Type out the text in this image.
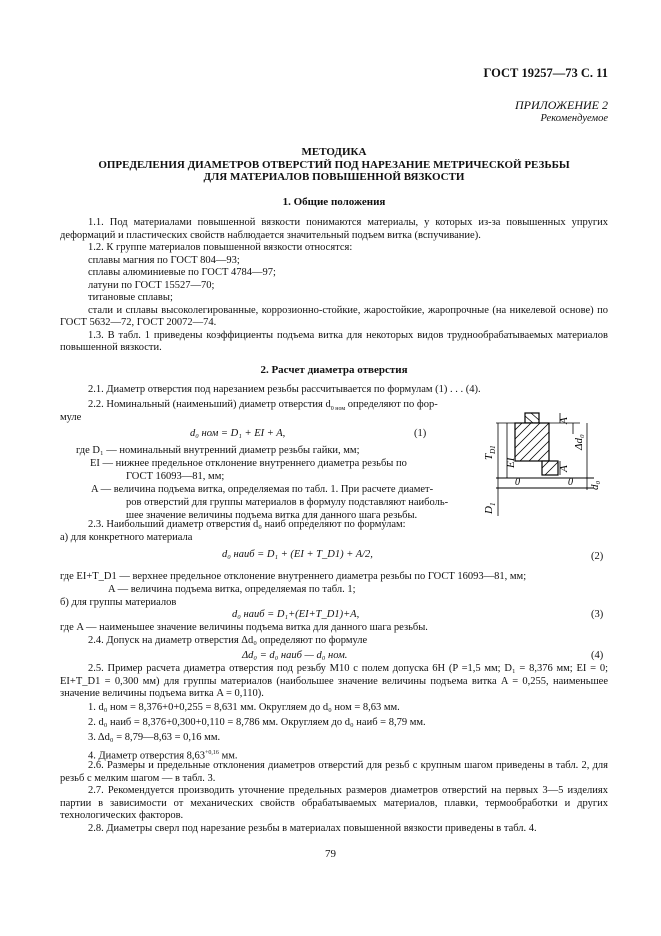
ГОСТ 19257—73 С. 11
ПРИЛОЖЕНИЕ 2
Рекомендуемое
МЕТОДИКА
ОПРЕДЕЛЕНИЯ ДИАМЕТРОВ ОТВЕРСТИЙ ПОД НАРЕЗАНИЕ МЕТРИЧЕСКОЙ РЕЗЬБЫ
ДЛЯ МАТЕРИАЛОВ ПОВЫШЕННОЙ ВЯЗКОСТИ
1. Общие положения

1.1. Под материалами повышенной вязкости понимаются материалы, у которых из-за повышенных упругих деформаций и пластических свойств наблюдается значительный подъем витка (вспучивание).

1.2. К группе материалов повышенной вязкости относятся:

сплавы магния по ГОСТ 804—93;

сплавы алюминиевые по ГОСТ 4784—97;

латуни по ГОСТ 15527—70;

титановые сплавы;

стали и сплавы высоколегированные, коррозионно-стойкие, жаростойкие, жаропрочные (на никелевой основе) по ГОСТ 5632—72, ГОСТ 20072—74.

1.3. В табл. 1 приведены коэффициенты подъема витка для некоторых видов труднообрабатываемых материалов повышенной вязкости.

2. Расчет диаметра отверстия
2.1. Диаметр отверстия под нарезанием резьбы рассчитывается по формулам (1) . . . (4).
2.2. Номинальный (наименьший) диаметр отверстия $d_{0 ном}$ определяют по фор-
муле
d₀ ном = D₁ + EI + A,	(1)
где D₁ — номинальный внутренний диаметр резьбы гайки, мм;
EI — нижнее предельное отклонение внутреннего диаметра резьбы по
ГОСТ 16093—81, мм;
A — величина подъема витка, определяемая по табл. 1. При расчете диамет-
ров отверстий для группы материалов в формулу подставляют наиболь-
шее значение величины подъема витка для данного шага резьбы.
A
A
Δd₀
d₀
$T_{D1}$
EI
$D_1$
0	0
2.3. Наибольший диаметр отверстия d₀ наиб определяют по формулам:
а) для конкретного материала
d₀ наиб = D₁ + (EI + T_D1) + A/2,	(2)
где EI+T_D1 — верхнее предельное отклонение внутреннего диаметра резьбы по ГОСТ 16093—81, мм;
A — величина подъема витка, определяемая по табл. 1;
б) для группы материалов
d₀ наиб = D₁+(EI+T_D1)+A,	(3)
где A — наименьшее значение величины подъема витка для данного шага резьбы.
2.4. Допуск на диаметр отверстия Δd₀ определяют по формуле
Δd₀ = d₀ наиб — d₀ ном.	(4)

2.5. Пример расчета диаметра отверстия под резьбу М10 с полем допуска 6Н (P =1,5 мм; D₁ = 8,376 мм; EI = 0; EI+T_D1 = 0,300 мм) для группы материалов (наибольшее значение величины подъема витка A = 0,255, наименьшее значение величины подъема витка A = 0,110).

1. d₀ ном = 8,376+0+0,255 = 8,631 мм. Округляем до d₀ ном = 8,63 мм.
2. d₀ наиб = 8,376+0,300+0,110 = 8,786 мм. Округляем до d₀ наиб = 8,79 мм.
3. Δd₀ = 8,79—8,63 = 0,16 мм.
4. Диаметр отверстия $8,63^{+0,16}$ мм.

2.6. Размеры и предельные отклонения диаметров отверстий для резьб с крупным шагом приведены в табл. 2, для резьб с мелким шагом — в табл. 3.

2.7. Рекомендуется производить уточнение предельных размеров диаметров отверстий на первых 3—5 изделиях партии в зависимости от механических свойств обрабатываемых материалов, плавки, термообработки и других технологических факторов.

2.8. Диаметры сверл под нарезание резьбы в материалах повышенной вязкости приведены в табл. 4.

79
